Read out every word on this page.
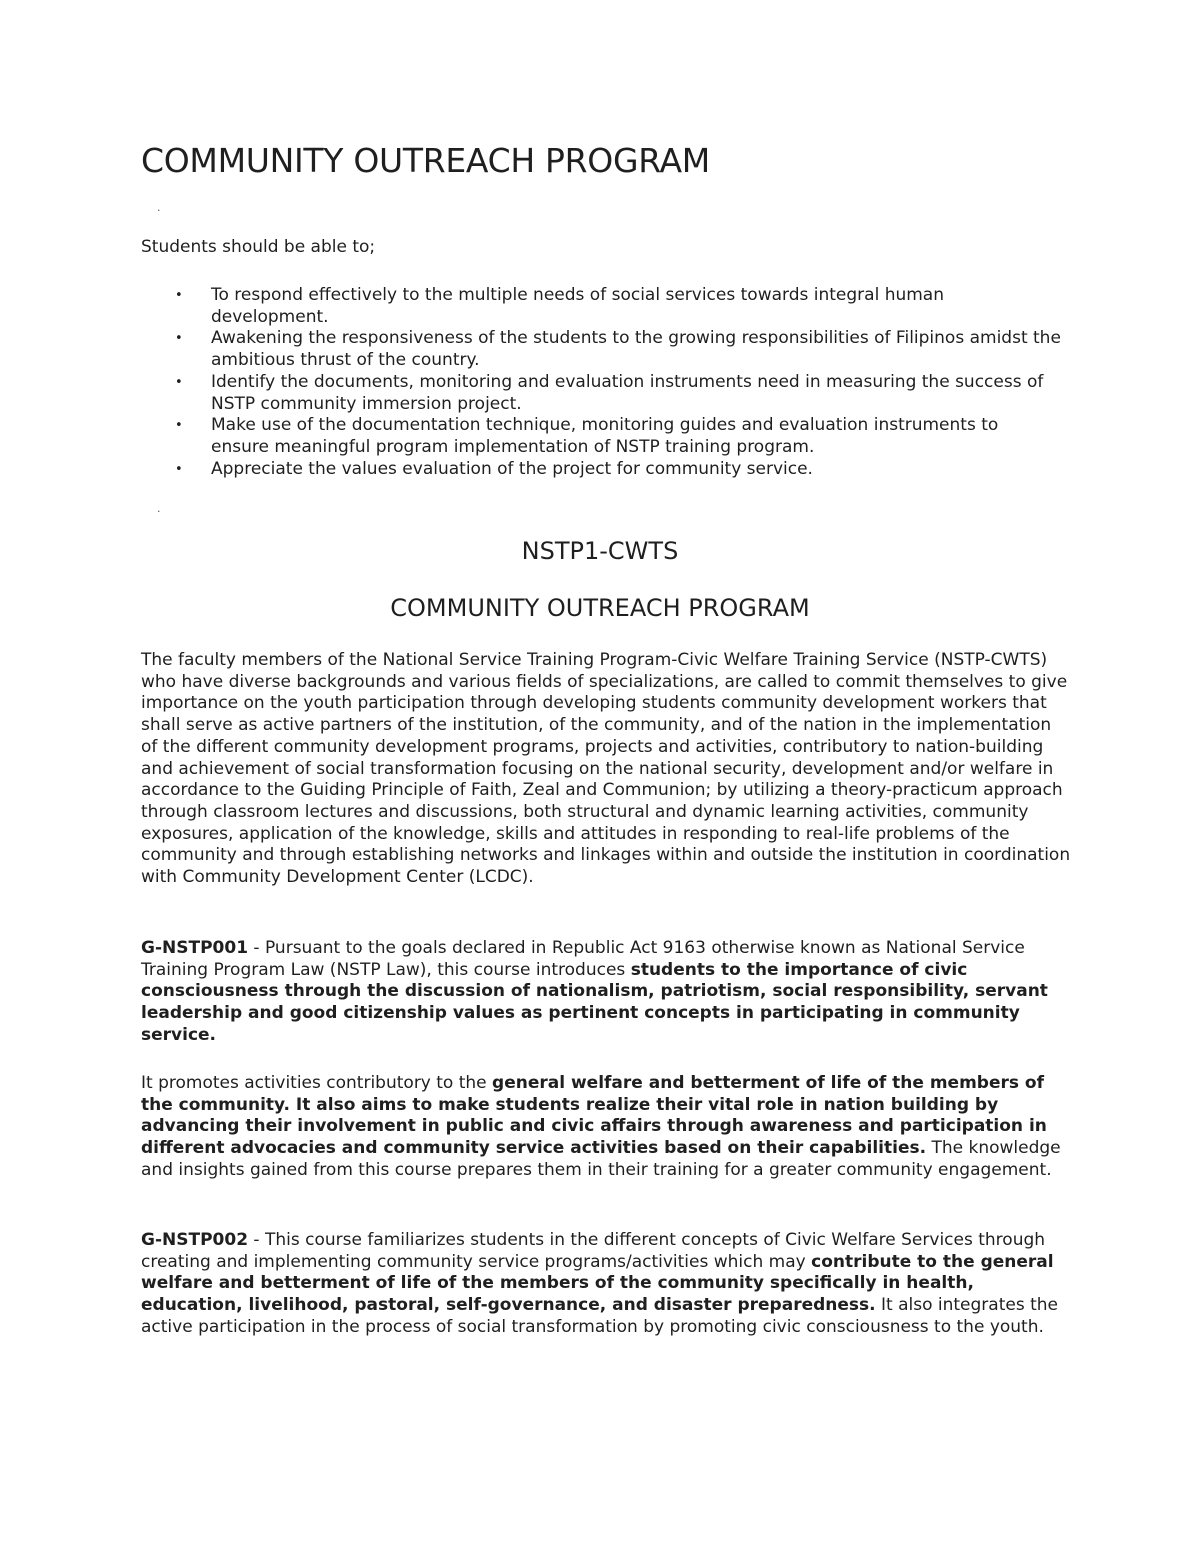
COMMUNITY OUTREACH PROGRAM
.

Students should be able to;

• To respond effectively to the multiple needs of social services towards integral human development.
• Awakening the responsiveness of the students to the growing responsibilities of Filipinos amidst the ambitious thrust of the country.
• Identify the documents, monitoring and evaluation instruments need in measuring the success of NSTP community immersion project.
• Make use of the documentation technique, monitoring guides and evaluation instruments to ensure meaningful program implementation of NSTP training program.
• Appreciate the values evaluation of the project for community service.
.
NSTP1-CWTS
COMMUNITY OUTREACH PROGRAM

The faculty members of the National Service Training Program-Civic Welfare Training Service (NSTP-CWTS) who have diverse backgrounds and various fields of specializations, are called to commit themselves to give importance on the youth participation through developing students community development workers that shall serve as active partners of the institution, of the community, and of the nation in the implementation of the different community development programs, projects and activities, contributory to nation-building and achievement of social transformation focusing on the national security, development and/or welfare in accordance to the Guiding Principle of Faith, Zeal and Communion; by utilizing a theory-practicum approach through classroom lectures and discussions, both structural and dynamic learning activities, community exposures, application of the knowledge, skills and attitudes in responding to real-life problems of the community and through establishing networks and linkages within and outside the institution in coordination with Community Development Center (LCDC).

G-NSTP001 - Pursuant to the goals declared in Republic Act 9163 otherwise known as National Service Training Program Law (NSTP Law), this course introduces students to the importance of civic consciousness through the discussion of nationalism, patriotism, social responsibility, servant leadership and good citizenship values as pertinent concepts in participating in community service.

It promotes activities contributory to the general welfare and betterment of life of the members of the community. It also aims to make students realize their vital role in nation building by advancing their involvement in public and civic affairs through awareness and participation in different advocacies and community service activities based on their capabilities. The knowledge and insights gained from this course prepares them in their training for a greater community engagement.

G-NSTP002 - This course familiarizes students in the different concepts of Civic Welfare Services through creating and implementing community service programs/activities which may contribute to the general welfare and betterment of life of the members of the community specifically in health, education, livelihood, pastoral, self-governance, and disaster preparedness. It also integrates the active participation in the process of social transformation by promoting civic consciousness to the youth.
